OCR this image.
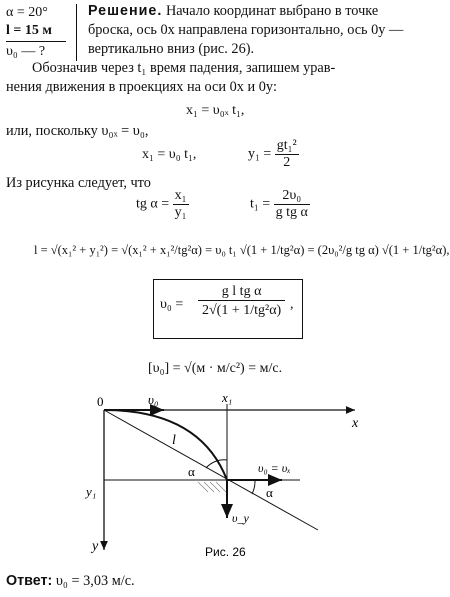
α = 20°
l = 15 м
υ₀ — ?
Решение. Начало координат выбрано в точке
броска, ось 0x направлена горизонтально, ось 0y —
вертикально вниз (рис. 26).
Обозначив через t₁ время падения, запишем урав-
нения движения в проекциях на оси 0x и 0y:
x₁ = υ₀ₓ t₁,
или, поскольку υ₀ₓ = υ₀,
x₁ = υ₀ t₁,	$y_1 = \frac{\text{gt₁²}}{2}$
Из рисунка следует, что
tg $\alpha = \frac{\text{x₁}}{\text{y₁}}$	$t_1 = \frac{\text{2υ₀}}{\text{g tg α}}$
l = √(x₁² + y₁²) = √(x₁² + x₁²/tg²α) = υ₀ t₁ √(1 + 1/tg²α) = (2υ₀²/g tg α) √(1 + 1/tg²α),
$\upsilon_0 = \frac{\text{g l tg α}}{\text{2√(1 + 1/tg²α)}}$ ,
[υ₀] = √(м · м/c²) = м/с.
0
x
y
υ₀	x₁
y₁
l
α
α
υ₀ = υₓ
υ_y
Рис. 26
Ответ: υ₀ = 3,03 м/с.
